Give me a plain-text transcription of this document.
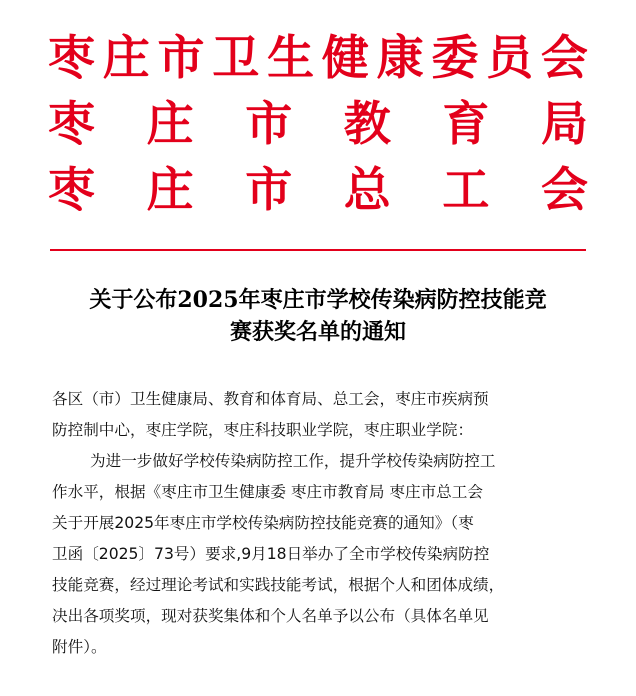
枣 庄 市 卫 生 健 康 委 员 会
枣 庄 市 教 育 局
枣 庄 市 总 工 会
关于公布2025年枣庄市学校传染病防控技能竞
赛获奖名单的通知
各区（市）卫生健康局、教育和体育局、总工会，枣庄市疾病预
防控制中心，枣庄学院，枣庄科技职业学院，枣庄职业学院：
为进一步做好学校传染病防控工作，提升学校传染病防控工
作水平，根据《枣庄市卫生健康委 枣庄市教育局 枣庄市总工会
关于开展2025年枣庄市学校传染病防控技能竞赛的通知》（枣
卫函〔2025〕73号）要求,9月18日举办了全市学校传染病防控
技能竞赛，经过理论考试和实践技能考试，根据个人和团体成绩，
决出各项奖项，现对获奖集体和个人名单予以公布（具体名单见
附件）。
